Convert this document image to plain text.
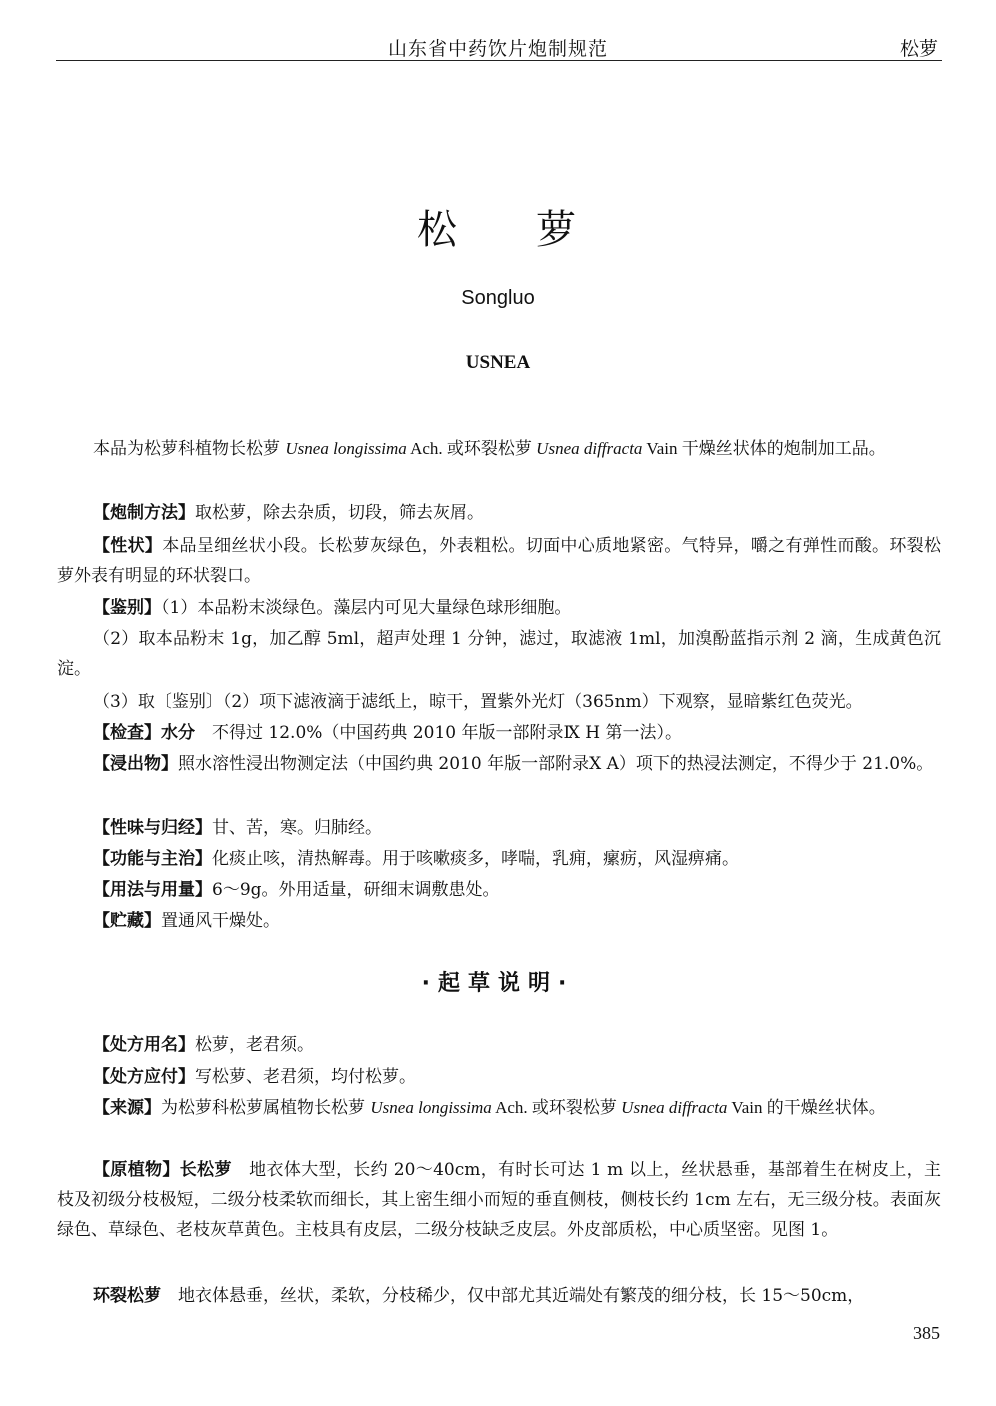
山东省中药饮片炮制规范	松萝
松 萝
Songluo
USNEA
本品为松萝科植物长松萝 Usnea longissima Ach. 或环裂松萝 Usnea diffracta Vain 干燥丝状体的炮制加工品。
【炮制方法】取松萝，除去杂质，切段，筛去灰屑。
【性状】本品呈细丝状小段。长松萝灰绿色，外表粗松。切面中心质地紧密。气特异，嚼之有弹性而酸。环裂松萝外表有明显的环状裂口。
【鉴别】（1）本品粉末淡绿色。藻层内可见大量绿色球形细胞。
（2）取本品粉末 1g，加乙醇 5ml，超声处理 1 分钟，滤过，取滤液 1ml，加溴酚蓝指示剂 2 滴，生成黄色沉淀。
（3）取〔鉴别〕（2）项下滤液滴于滤纸上，晾干，置紫外光灯（365nm）下观察，显暗紫红色荧光。
【检查】水分　不得过 12.0%（中国药典 2010 年版一部附录Ⅸ H 第一法）。
【浸出物】照水溶性浸出物测定法（中国约典 2010 年版一部附录Ⅹ A）项下的热浸法测定，不得少于 21.0%。
【性味与归经】甘、苦，寒。归肺经。
【功能与主治】化痰止咳，清热解毒。用于咳嗽痰多，哮喘，乳痈，瘰疬，风湿痹痛。
【用法与用量】6～9g。外用适量，研细末调敷患处。
【贮藏】置通风干燥处。
·起草说明·
【处方用名】松萝，老君须。
【处方应付】写松萝、老君须，均付松萝。
【来源】为松萝科松萝属植物长松萝 Usnea longissima Ach. 或环裂松萝 Usnea diffracta Vain 的干燥丝状体。
【原植物】长松萝　地衣体大型，长约 20～40cm，有时长可达 1 m 以上，丝状悬垂，基部着生在树皮上，主枝及初级分枝极短，二级分枝柔软而细长，其上密生细小而短的垂直侧枝，侧枝长约 1cm 左右，无三级分枝。表面灰绿色、草绿色、老枝灰草黄色。主枝具有皮层，二级分枝缺乏皮层。外皮部质松，中心质坚密。见图 1。
环裂松萝　地衣体悬垂，丝状，柔软，分枝稀少，仅中部尤其近端处有繁茂的细分枝，长 15～50cm，
385
